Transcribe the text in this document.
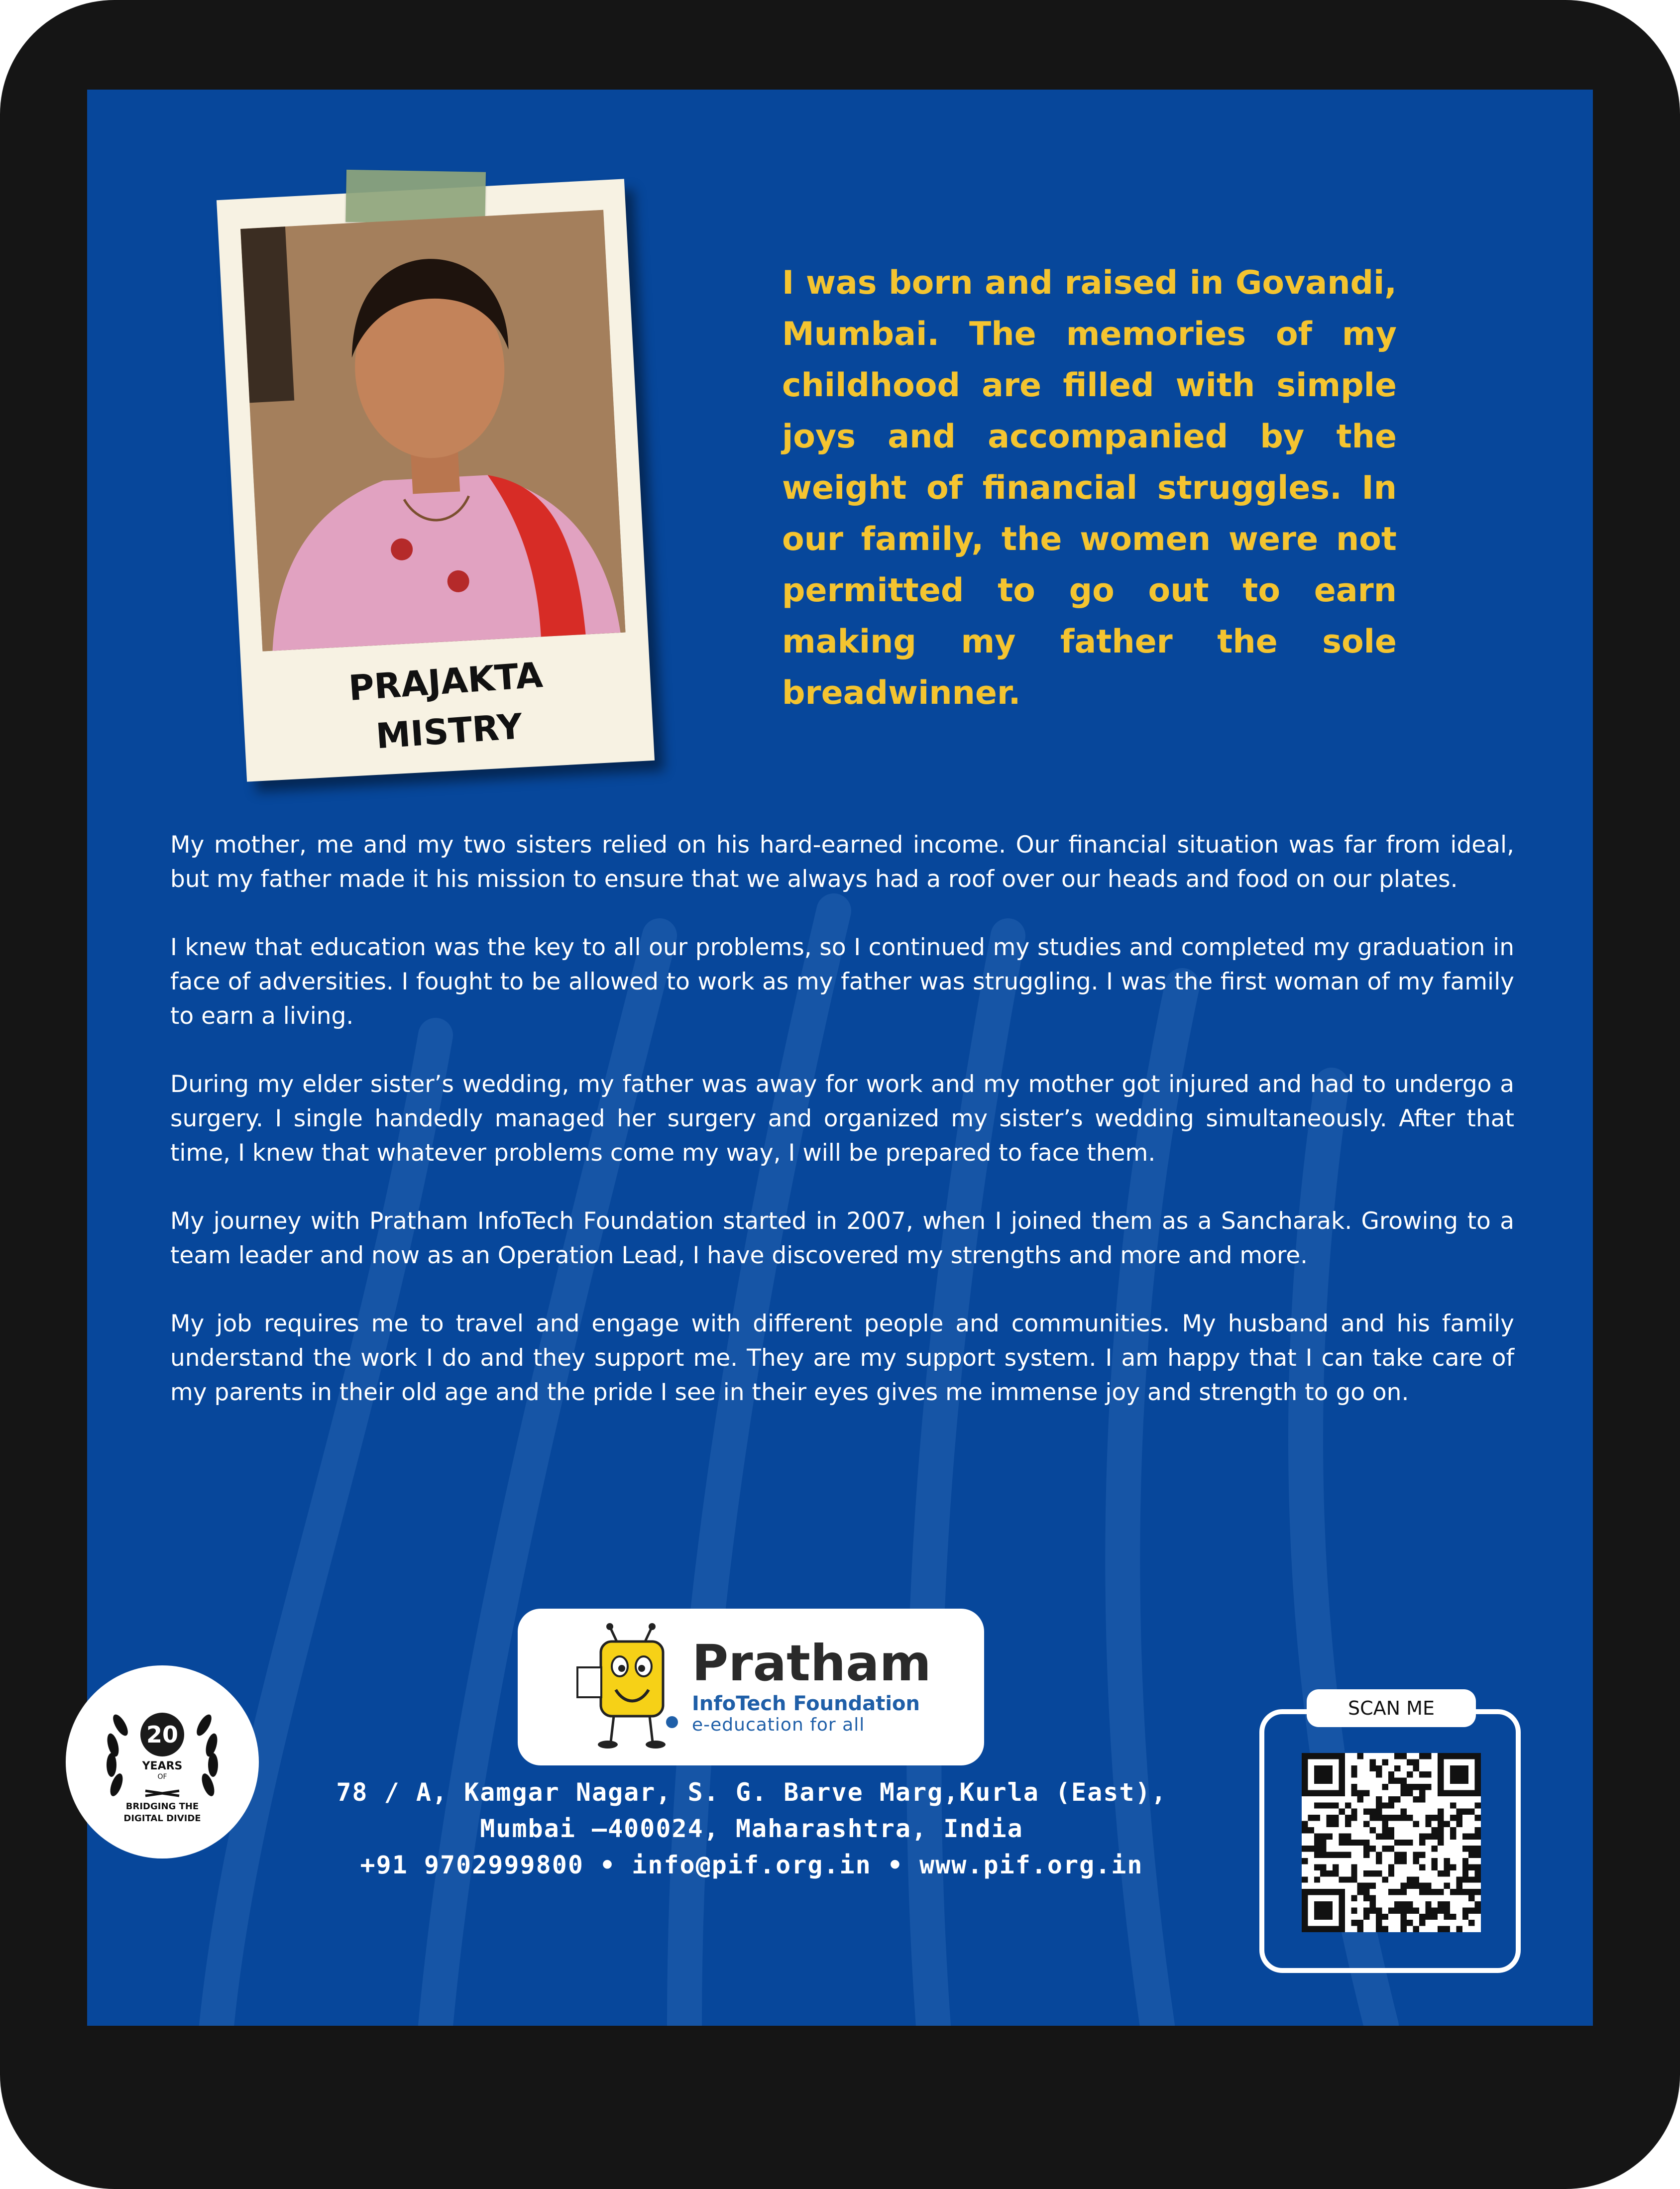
PRAJAKTA
MISTRY
I was born and raised in Govandi, Mumbai. The memories of my childhood are filled with simple joys and accompanied by the weight of financial struggles. In our family, the women were not permitted to go out to earn making my father the sole breadwinner.

My mother, me and my two sisters relied on his hard-earned income. Our financial situation was far from ideal, but my father made it his mission to ensure that we always had a roof over our heads and food on our plates.

I knew that education was the key to all our problems, so I continued my studies and completed my graduation in face of adversities. I fought to be allowed to work as my father was struggling. I was the first woman of my family to earn a living.

During my elder sister’s wedding, my father was away for work and my mother got injured and had to undergo a surgery. I single handedly managed her surgery and organized my sister’s wedding simultaneously. After that time, I knew that whatever problems come my way, I will be prepared to face them.

My journey with Pratham InfoTech Foundation started in 2007, when I joined them as a Sancharak. Growing to a team leader and now as an Operation Lead, I have discovered my strengths and more and more.

My job requires me to travel and engage with different people and communities. My husband and his family understand the work I do and they support me. They are my support system. I am happy that I can take care of my parents in their old age and the pride I see in their eyes gives me immense joy and strength to go on.

Pratham
InfoTech Foundation
e-education for all
20
YEARS
OF
BRIDGING THE
DIGITAL DIVIDE
78 / A, Kamgar Nagar, S. G. Barve Marg,Kurla (East),
Mumbai –400024, Maharashtra, India
+91 9702999800 • info@pif.org.in • www.pif.org.in
SCAN ME
